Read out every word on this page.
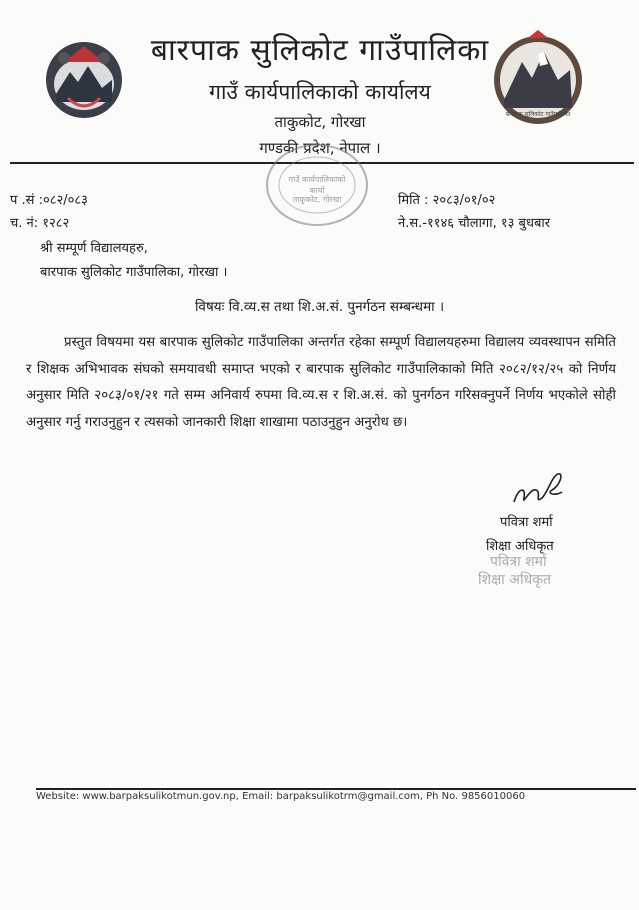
बारपाक सुलिकोट गाउँपालिका
बारपाक सुलिकोट गाउँपालिका
गाउँ कार्यपालिकाको कार्यालय
ताकुकोट, गोरखा
गण्डकी प्रदेश, नेपाल ।
गाउँ कार्यपालिकाको कार्या
ताकुकोट, गोरखा
प .सं :०८२/०८३
च. नं: १२८२
मिति : २०८३/०१/०२
ने.स.-११४६ चौलागा, १३ बुधबार
श्री सम्पूर्ण विद्यालयहरु,
बारपाक सुलिकोट गाउँपालिका, गोरखा ।
विषयः वि.व्य.स तथा शि.अ.सं. पुनर्गठन सम्बन्धमा ।
प्रस्तुत विषयमा यस बारपाक सुलिकोट गाउँपालिका अन्तर्गत रहेका सम्पूर्ण विद्यालयहरुमा विद्यालय व्यवस्थापन समिति र शिक्षक अभिभावक संघको समयावधी समाप्त भएको र बारपाक सुलिकोट गाउँपालिकाको मिति २०८२/१२/२५ को निर्णय अनुसार मिति २०८३/०१/२१ गते सम्म अनिवार्य रुपमा वि.व्य.स र शि.अ.सं. को पुनर्गठन गरिसक्नुपर्ने निर्णय भएकोले सोही अनुसार गर्नु गराउनुहुन र त्यसको जानकारी शिक्षा शाखामा पठाउनुहुन अनुरोध छ।
पवित्रा शर्मा
शिक्षा अधिकृत
पवित्रा शर्मा
शिक्षा अधिकृत
Website: www.barpaksulikotmun.gov.np, Email: barpaksulikotrm@gmail.com, Ph No. 9856010060
